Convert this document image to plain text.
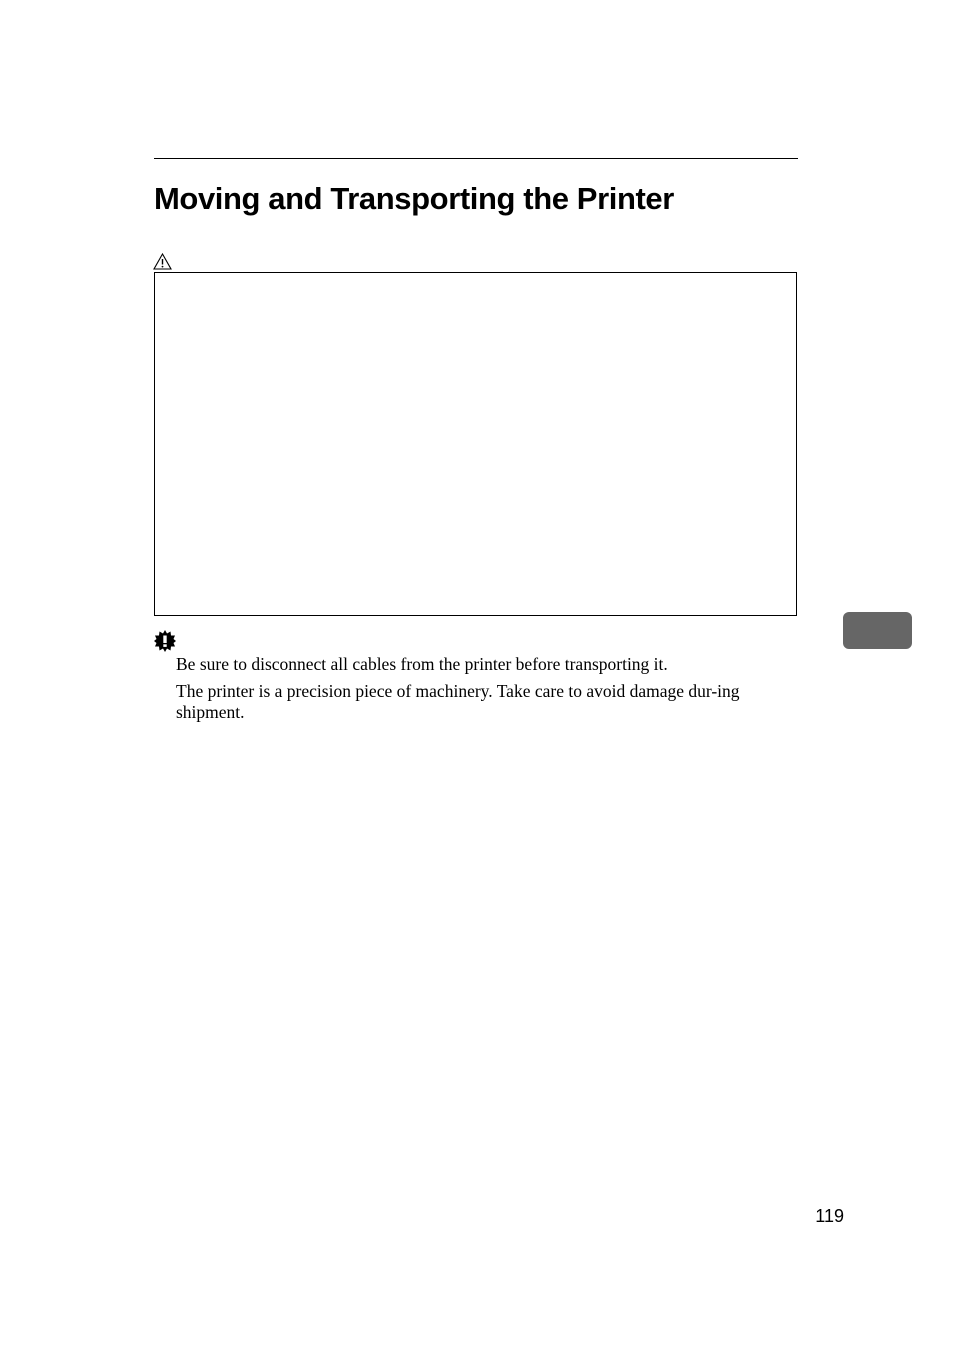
Moving and Transporting the Printer
Be sure to disconnect all cables from the printer before transporting it.
The printer is a precision piece of machinery. Take care to avoid damage dur-ing shipment.
119
